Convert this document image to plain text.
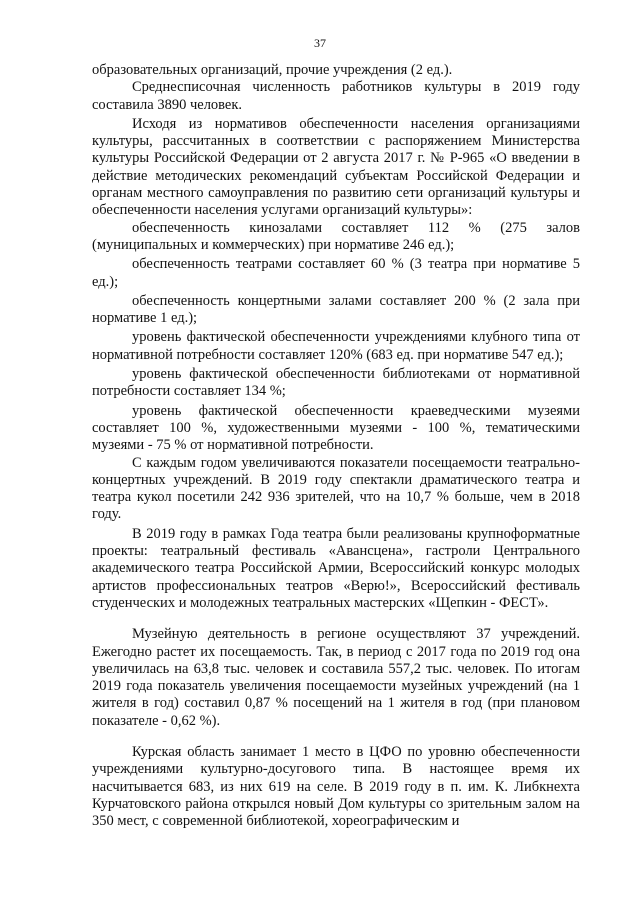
37

образовательных организаций, прочие учреждения (2 ед.).

Среднесписочная численность работников культуры в 2019 году составила 3890 человек.

Исходя из нормативов обеспеченности населения организациями культуры, рассчитанных в соответствии с распоряжением Министерства культуры Российской Федерации от 2 августа 2017 г. № Р-965 «О введении в действие методических рекомендаций субъектам Российской Федерации и органам местного самоуправления по развитию сети организаций культуры и обеспеченности населения услугами организаций культуры»:

обеспеченность кинозалами составляет 112 % (275 залов (муниципальных и коммерческих) при нормативе 246 ед.);

обеспеченность театрами составляет 60 % (3 театра при нормативе 5 ед.);

обеспеченность концертными залами составляет 200 % (2 зала при нормативе 1 ед.);

уровень фактической обеспеченности учреждениями клубного типа от нормативной потребности составляет 120% (683 ед. при нормативе 547 ед.);

уровень фактической обеспеченности библиотеками от нормативной потребности составляет 134 %;

уровень фактической обеспеченности краеведческими музеями составляет 100 %, художественными музеями - 100 %, тематическими музеями - 75 % от нормативной потребности.

С каждым годом увеличиваются показатели посещаемости театрально-концертных учреждений. В 2019 году спектакли драматического театра и театра кукол посетили 242 936 зрителей, что на 10,7 % больше, чем в 2018 году.

В 2019 году в рамках Года театра были реализованы крупноформатные проекты: театральный фестиваль «Авансцена», гастроли Центрального академического театра Российской Армии, Всероссийский конкурс молодых артистов профессиональных театров «Верю!», Всероссийский фестиваль студенческих и молодежных театральных мастерских «Щепкин - ФЕСТ».

Музейную деятельность в регионе осуществляют 37 учреждений. Ежегодно растет их посещаемость. Так, в период с 2017 года по 2019 год она увеличилась на 63,8 тыс. человек и составила 557,2 тыс. человек. По итогам 2019 года показатель увеличения посещаемости музейных учреждений (на 1 жителя в год) составил 0,87 % посещений на 1 жителя в год (при плановом показателе - 0,62 %).

Курская область занимает 1 место в ЦФО по уровню обеспеченности учреждениями культурно-досугового типа. В настоящее время их насчитывается 683, из них 619 на селе. В 2019 году в п. им. К. Либкнехта Курчатовского района открылся новый Дом культуры со зрительным залом на 350 мест, с современной библиотекой, хореографическим и
